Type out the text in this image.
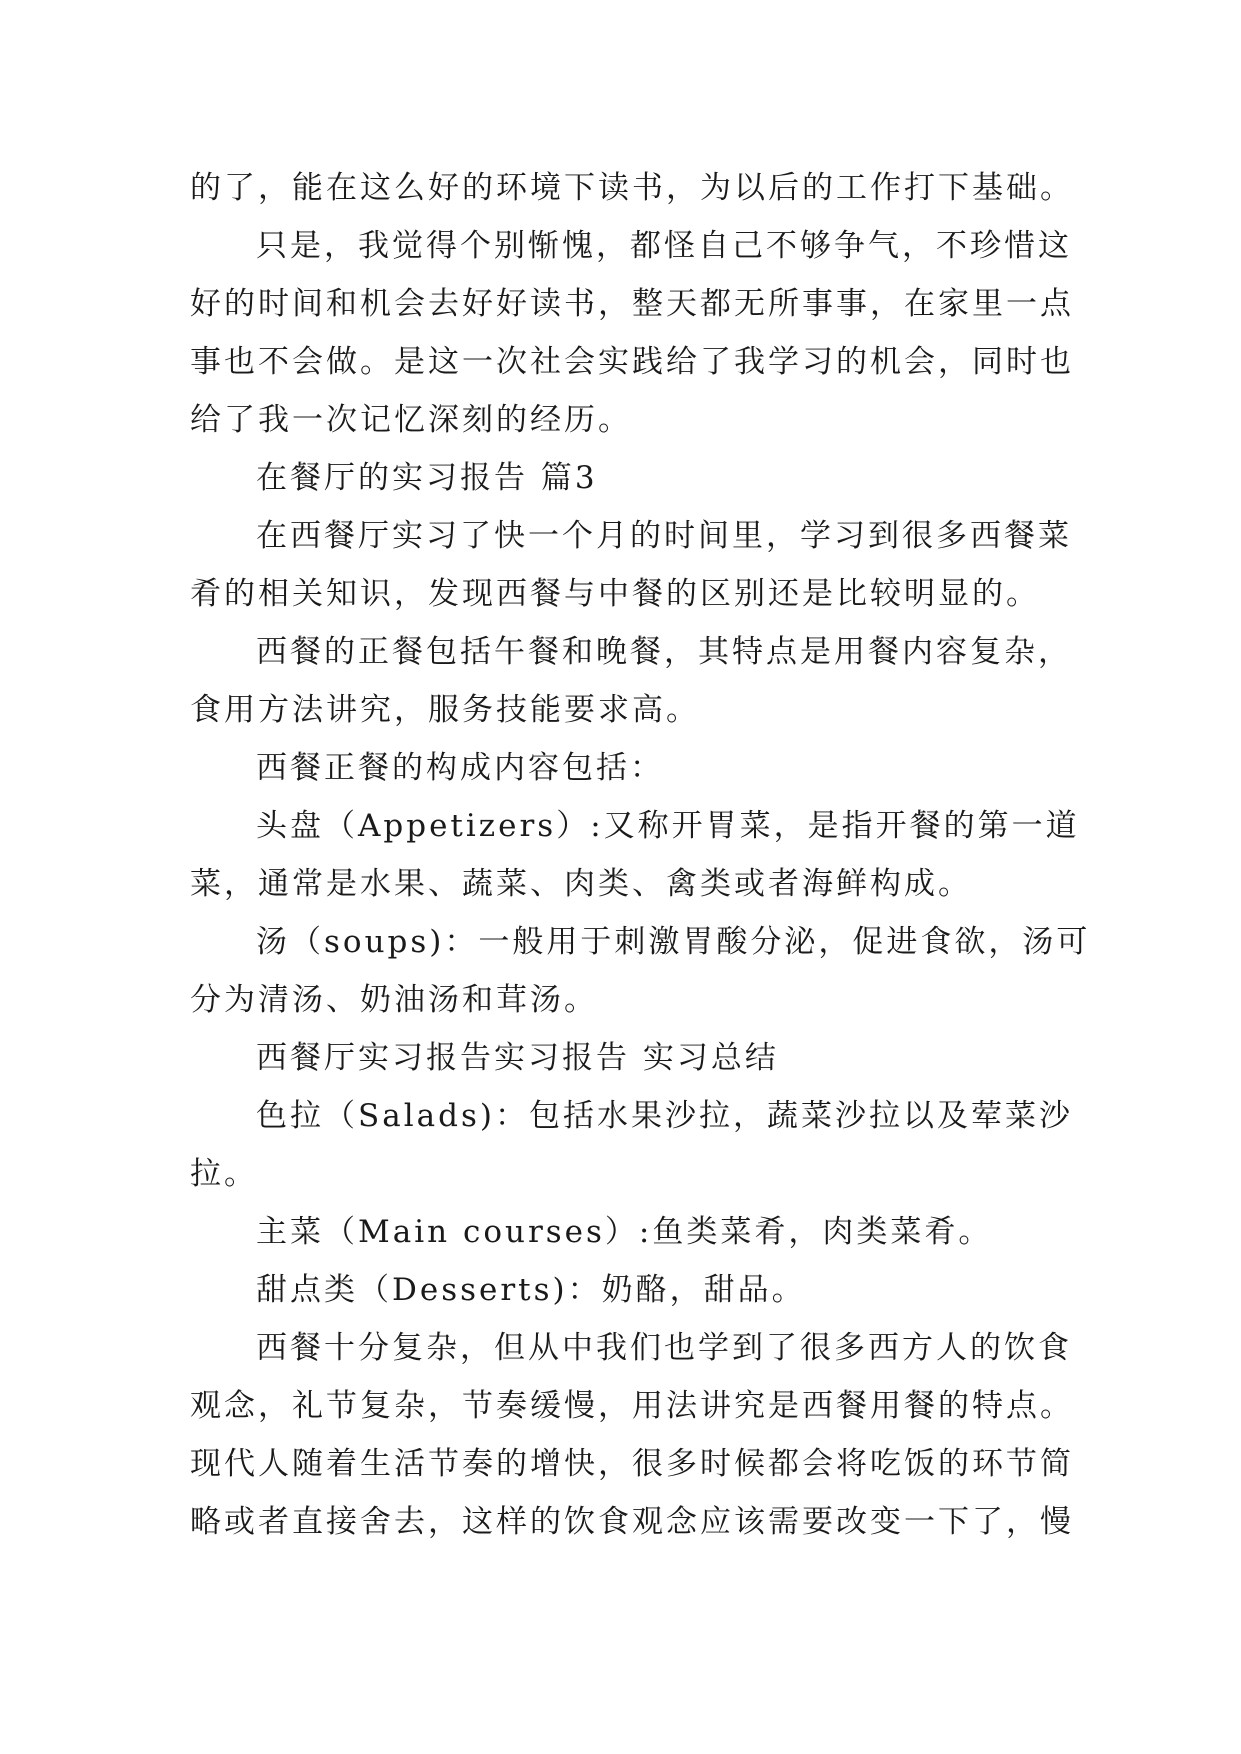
的了，能在这么好的环境下读书，为以后的工作打下基础。
只是，我觉得个别惭愧，都怪自己不够争气，不珍惜这
好的时间和机会去好好读书，整天都无所事事，在家里一点
事也不会做。是这一次社会实践给了我学习的机会，同时也
给了我一次记忆深刻的经历。
在餐厅的实习报告 篇3
在西餐厅实习了快一个月的时间里，学习到很多西餐菜
肴的相关知识，发现西餐与中餐的区别还是比较明显的。
西餐的正餐包括午餐和晚餐，其特点是用餐内容复杂，
食用方法讲究，服务技能要求高。
西餐正餐的构成内容包括：
头盘（Appetizers）:又称开胃菜，是指开餐的第一道
菜，通常是水果、蔬菜、肉类、禽类或者海鲜构成。
汤（soups)：一般用于刺激胃酸分泌，促进食欲，汤可
分为清汤、奶油汤和茸汤。
西餐厅实习报告实习报告 实习总结
色拉（Salads)：包括水果沙拉，蔬菜沙拉以及荤菜沙
拉。
主菜（Main courses）:鱼类菜肴，肉类菜肴。
甜点类（Desserts)：奶酪，甜品。
西餐十分复杂，但从中我们也学到了很多西方人的饮食
观念，礼节复杂，节奏缓慢，用法讲究是西餐用餐的特点。
现代人随着生活节奏的增快，很多时候都会将吃饭的环节简
略或者直接舍去，这样的饮食观念应该需要改变一下了，慢
